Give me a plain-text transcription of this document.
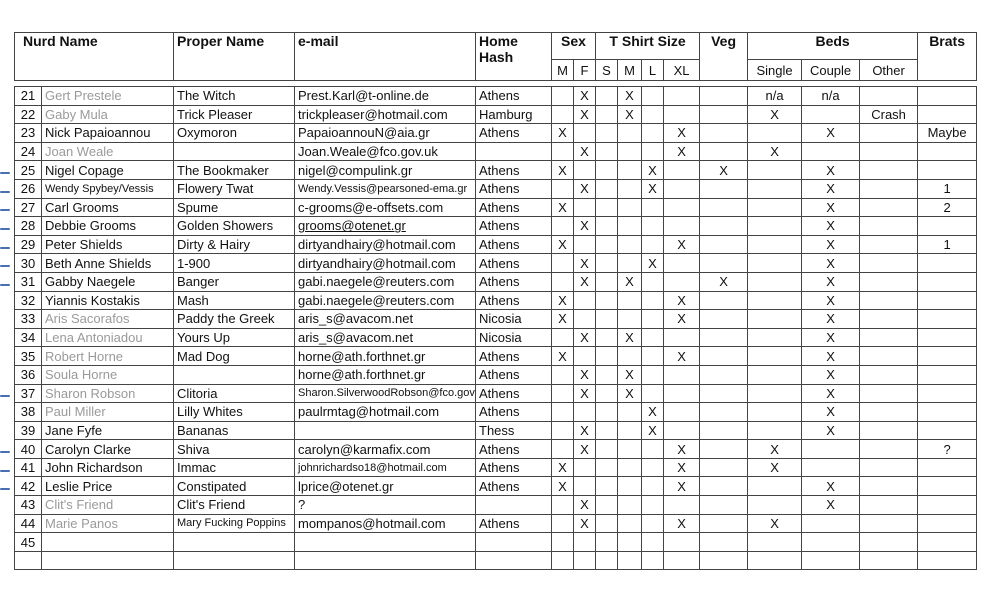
Nurd Name		Proper Name	e-mail	Home Hash	Sex		T Shirt Size				Veg	Beds			Brats
					M	F	S	M	L	XL		Single	Couple	Other	

21	Gert Prestele	The Witch	Prest.Karl@t-online.de	Athens		X		X				n/a	n/a		
22	Gaby Mula	Trick Pleaser	trickpleaser@hotmail.com	Hamburg		X		X				X		Crash	
23	Nick Papaioannou	Oxymoron	PapaioannouN@aia.gr	Athens	X					X			X		Maybe
24	Joan Weale		Joan.Weale@fco.gov.uk			X				X		X			
25	Nigel Copage	The Bookmaker	nigel@compulink.gr	Athens	X				X		X		X		
26	Wendy Spybey/Vessis	Flowery Twat	Wendy.Vessis@pearsoned-ema.gr	Athens		X			X				X		1
27	Carl Grooms	Spume	c-grooms@e-offsets.com	Athens	X								X		2
28	Debbie Grooms	Golden Showers	grooms@otenet.gr	Athens		X							X		
29	Peter Shields	Dirty & Hairy	dirtyandhairy@hotmail.com	Athens	X					X			X		1
30	Beth Anne Shields	1-900	dirtyandhairy@hotmail.com	Athens		X			X				X		
31	Gabby Naegele	Banger	gabi.naegele@reuters.com	Athens		X		X			X		X		
32	Yiannis Kostakis	Mash	gabi.naegele@reuters.com	Athens	X					X			X		
33	Aris Sacorafos	Paddy the Greek	aris_s@avacom.net	Nicosia	X					X			X		
34	Lena Antoniadou	Yours Up	aris_s@avacom.net	Nicosia		X		X					X		
35	Robert Horne	Mad Dog	horne@ath.forthnet.gr	Athens	X					X			X		
36	Soula Horne		horne@ath.forthnet.gr	Athens		X		X					X		
37	Sharon Robson	Clitoria	Sharon.SilverwoodRobson@fco.gov	Athens		X		X					X		
38	Paul Miller	Lilly Whites	paulrmtag@hotmail.com	Athens					X				X		
39	Jane Fyfe	Bananas		Thess		X			X				X		
40	Carolyn Clarke	Shiva	carolyn@karmafix.com	Athens		X				X		X			?
41	John Richardson	Immac	johnrichardso18@hotmail.com	Athens	X					X		X			
42	Leslie Price	Constipated	lprice@otenet.gr	Athens	X					X			X		
43	Clit's Friend	Clit's Friend	?			X							X		
44	Marie Panos	Mary Fucking Poppins	mompanos@hotmail.com	Athens		X				X		X			
45															
